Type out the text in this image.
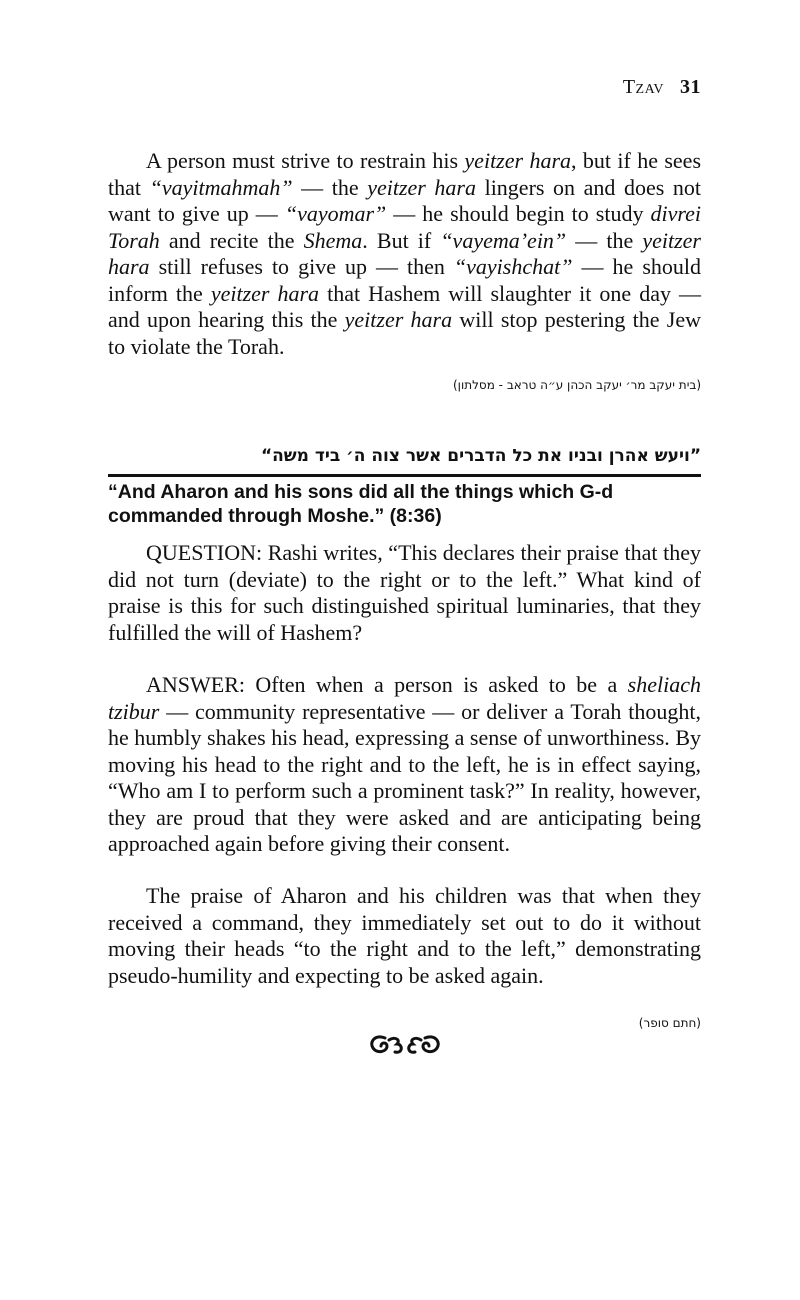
Tzav 31

A person must strive to restrain his yeitzer hara, but if he sees that “vayitmahmah” — the yeitzer hara lingers on and does not want to give up — “vayomar” — he should begin to study divrei Torah and recite the Shema. But if “vayema’ein” — the yeitzer hara still refuses to give up — then “vayishchat” — he should inform the yeitzer hara that Hashem will slaughter it one day — and upon hearing this the yeitzer hara will stop pestering the Jew to violate the Torah.

(בית יעקב מר׳ יעקב הכהן ע״ה טראב - מסלתון)

”ויעש אהרן ובניו את כל הדברים אשר צוה ה׳ ביד משה“
“And Aharon and his sons did all the things which G-d commanded through Moshe.” (8:36)

QUESTION: Rashi writes, “This declares their praise that they did not turn (deviate) to the right or to the left.” What kind of praise is this for such distinguished spiritual luminaries, that they fulfilled the will of Hashem?

ANSWER: Often when a person is asked to be a sheliach tzibur — community representative — or deliver a Torah thought, he humbly shakes his head, expressing a sense of unworthiness. By moving his head to the right and to the left, he is in effect saying, “Who am I to perform such a prominent task?” In reality, however, they are proud that they were asked and are anticipating being approached again before giving their consent.

The praise of Aharon and his children was that when they received a command, they immediately set out to do it without moving their heads “to the right and to the left,” demonstrating pseudo-humility and expecting to be asked again.

(חתם סופר)
